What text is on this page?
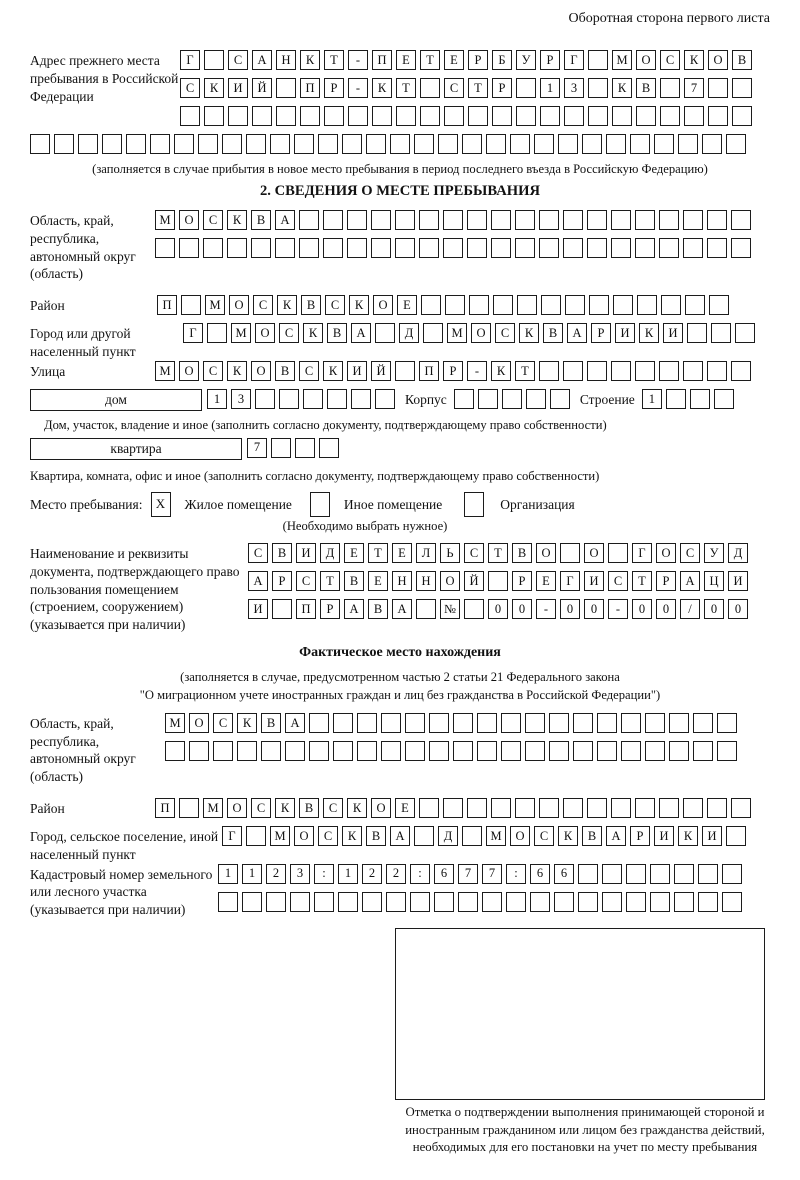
Оборотная сторона первого листа
Адрес прежнего места пребывания в Российской Федерации
Г	С	А	Н	К	Т	-	П	Е	Т	Е	Р	Б	У	Р	Г	М	О	С	К	О	В
С	К	И	Й	П	Р	-	К	Т	С	Т	Р	1	3	К	В	7
(заполняется в случае прибытия в новое место пребывания в период последнего въезда в Российскую Федерацию)
2. СВЕДЕНИЯ О МЕСТЕ ПРЕБЫВАНИЯ
Область, край, республика, автономный округ (область)
М	О	С	К	В	А
Район	П	М	О	С	К	В	С	К	О	Е
Город или другой населенный пункт
Г	М	О	С	К	В	А	Д	М	О	С	К	В	А	Р	И	К	И
Улица	М	О	С	К	О	В	С	К	И	Й	П	Р	-	К	Т
дом	1	3	Корпус	Строение	1
Дом, участок, владение и иное (заполнить согласно документу, подтверждающему право собственности)
квартира	7
Квартира, комната, офис и иное (заполнить согласно документу, подтверждающему право собственности)
Место пребывания:	X	Жилое помещение	Иное помещение	Организация
(Необходимо выбрать нужное)
Наименование и реквизиты документа, подтверждающего право пользования помещением (строением, сооружением) (указывается при наличии)
С	В	И	Д	Е	Т	Е	Л	Ь	С	Т	В	О	О	Г	О	С	У	Д
А	Р	С	Т	В	Е	Н	Н	О	Й	Р	Е	Г	И	С	Т	Р	А	Ц	И
И	П	Р	А	В	А	№	0	0	-	0	0	-	0	0	/	0	0
Фактическое место нахождения
(заполняется в случае, предусмотренном частью 2 статьи 21 Федерального закона
"О миграционном учете иностранных граждан и лиц без гражданства в Российской Федерации")
Область, край, республика, автономный округ (область)
М	О	С	К	В	А
Район	П	М	О	С	К	В	С	К	О	Е
Город, сельское поселение, иной населенный пункт
Г	М	О	С	К	В	А	Д	М	О	С	К	В	А	Р	И	К	И
Кадастровый номер земельного или лесного участка (указывается при наличии)
1	1	2	3	:	1	2	2	:	6	7	7	:	6	6
Отметка о подтверждении выполнения принимающей стороной и иностранным гражданином или лицом без гражданства действий, необходимых для его постановки на учет по месту пребывания
